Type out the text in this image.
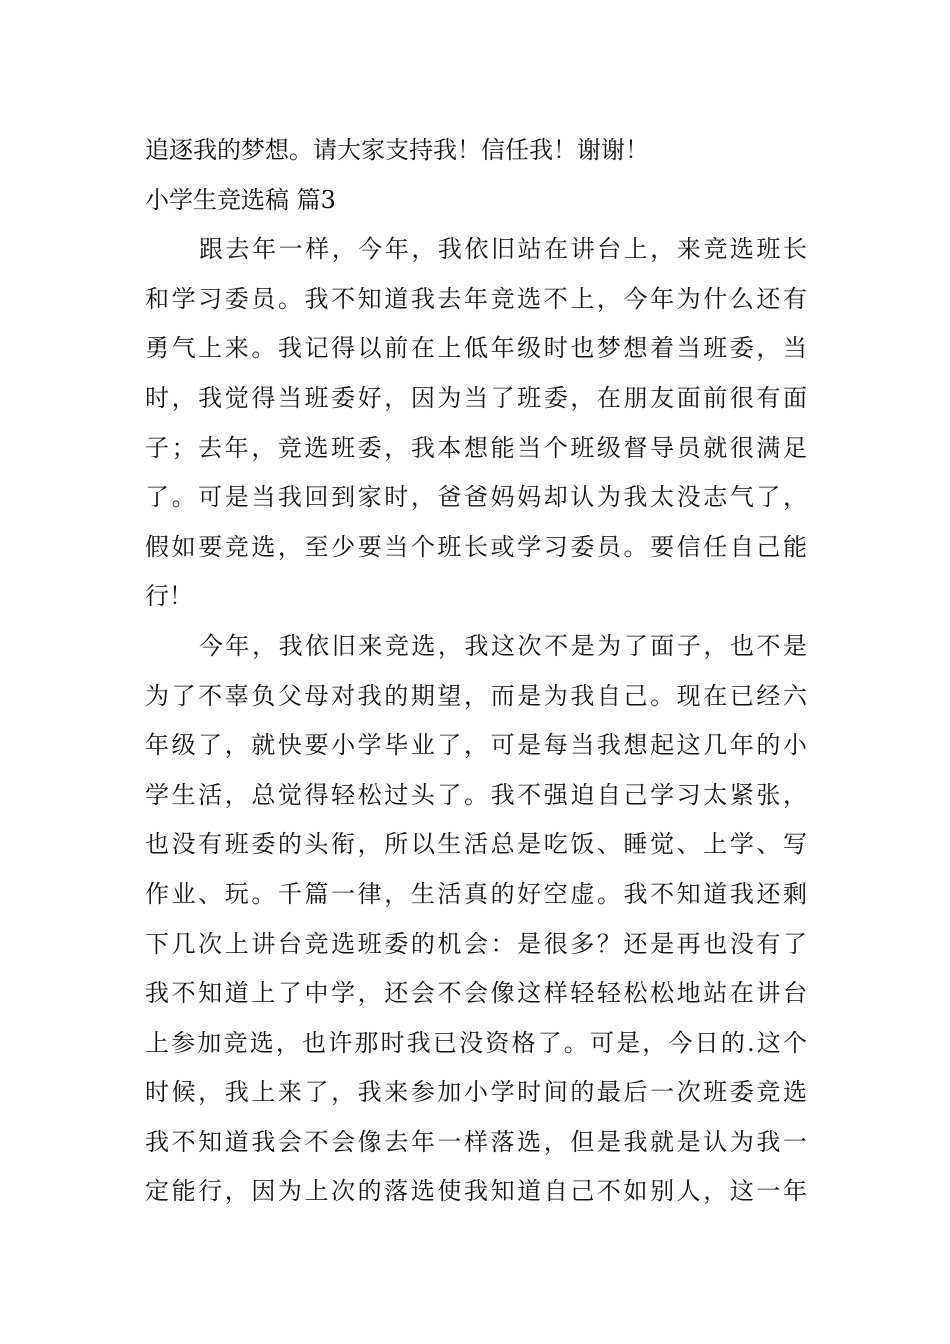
追逐我的梦想。请大家支持我！信任我！谢谢！
小学生竞选稿 篇3
跟去年一样，今年，我依旧站在讲台上，来竞选班长
和学习委员。我不知道我去年竞选不上，今年为什么还有
勇气上来。我记得以前在上低年级时也梦想着当班委，当
时，我觉得当班委好，因为当了班委，在朋友面前很有面
子；去年，竞选班委，我本想能当个班级督导员就很满足
了。可是当我回到家时，爸爸妈妈却认为我太没志气了，
假如要竞选，至少要当个班长或学习委员。要信任自己能
行！
今年，我依旧来竞选，我这次不是为了面子，也不是
为了不辜负父母对我的期望，而是为我自己。现在已经六
年级了，就快要小学毕业了，可是每当我想起这几年的小
学生活，总觉得轻松过头了。我不强迫自己学习太紧张，
也没有班委的头衔，所以生活总是吃饭、睡觉、上学、写
作业、玩。千篇一律，生活真的好空虚。我不知道我还剩
下几次上讲台竞选班委的机会：是很多？还是再也没有了
我不知道上了中学，还会不会像这样轻轻松松地站在讲台
上参加竞选，也许那时我已没资格了。可是，今日的.这个
时候，我上来了，我来参加小学时间的最后一次班委竞选
我不知道我会不会像去年一样落选，但是我就是认为我一
定能行，因为上次的落选使我知道自己不如别人，这一年
